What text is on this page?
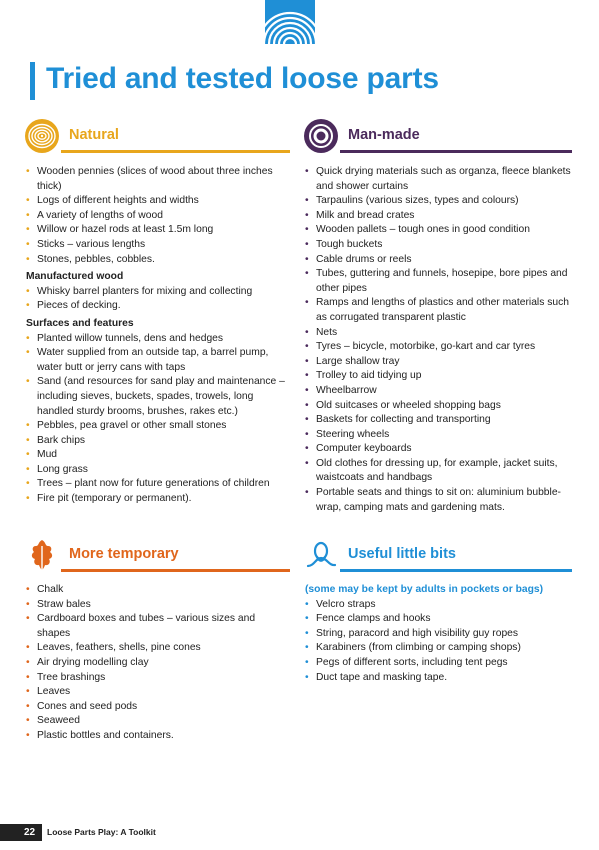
Tried and tested loose parts
Natural
• Wooden pennies (slices of wood about three inches thick)
• Logs of different heights and widths
• A variety of lengths of wood
• Willow or hazel rods at least 1.5m long
• Sticks – various lengths
• Stones, pebbles, cobbles.
Manufactured wood
• Whisky barrel planters for mixing and collecting
• Pieces of decking.
Surfaces and features
• Planted willow tunnels, dens and hedges
• Water supplied from an outside tap, a barrel pump, water butt or jerry cans with taps
• Sand (and resources for sand play and maintenance – including sieves, buckets, spades, trowels, long handled sturdy brooms, brushes, rakes etc.)
• Pebbles, pea gravel or other small stones
• Bark chips
• Mud
• Long grass
• Trees – plant now for future generations of children
• Fire pit (temporary or permanent).
Man-made
• Quick drying materials such as organza, fleece blankets and shower curtains
• Tarpaulins (various sizes, types and colours)
• Milk and bread crates
• Wooden pallets – tough ones in good condition
• Tough buckets
• Cable drums or reels
• Tubes, guttering and funnels, hosepipe, bore pipes and other pipes
• Ramps and lengths of plastics and other materials such as corrugated transparent plastic
• Nets
• Tyres – bicycle, motorbike, go-kart and car tyres
• Large shallow tray
• Trolley to aid tidying up
• Wheelbarrow
• Old suitcases or wheeled shopping bags
• Baskets for collecting and transporting
• Steering wheels
• Computer keyboards
• Old clothes for dressing up, for example, jacket suits, waistcoats and handbags
• Portable seats and things to sit on: aluminium bubble-wrap, camping mats and gardening mats.
More temporary
• Chalk
• Straw bales
• Cardboard boxes and tubes – various sizes and shapes
• Leaves, feathers, shells, pine cones
• Air drying modelling clay
• Tree brashings
• Leaves
• Cones and seed pods
• Seaweed
• Plastic bottles and containers.
Useful little bits
(some may be kept by adults in pockets or bags)
• Velcro straps
• Fence clamps and hooks
• String, paracord and high visibility guy ropes
• Karabiners (from climbing or camping shops)
• Pegs of different sorts, including tent pegs
• Duct tape and masking tape.
22	Loose Parts Play: A Toolkit
